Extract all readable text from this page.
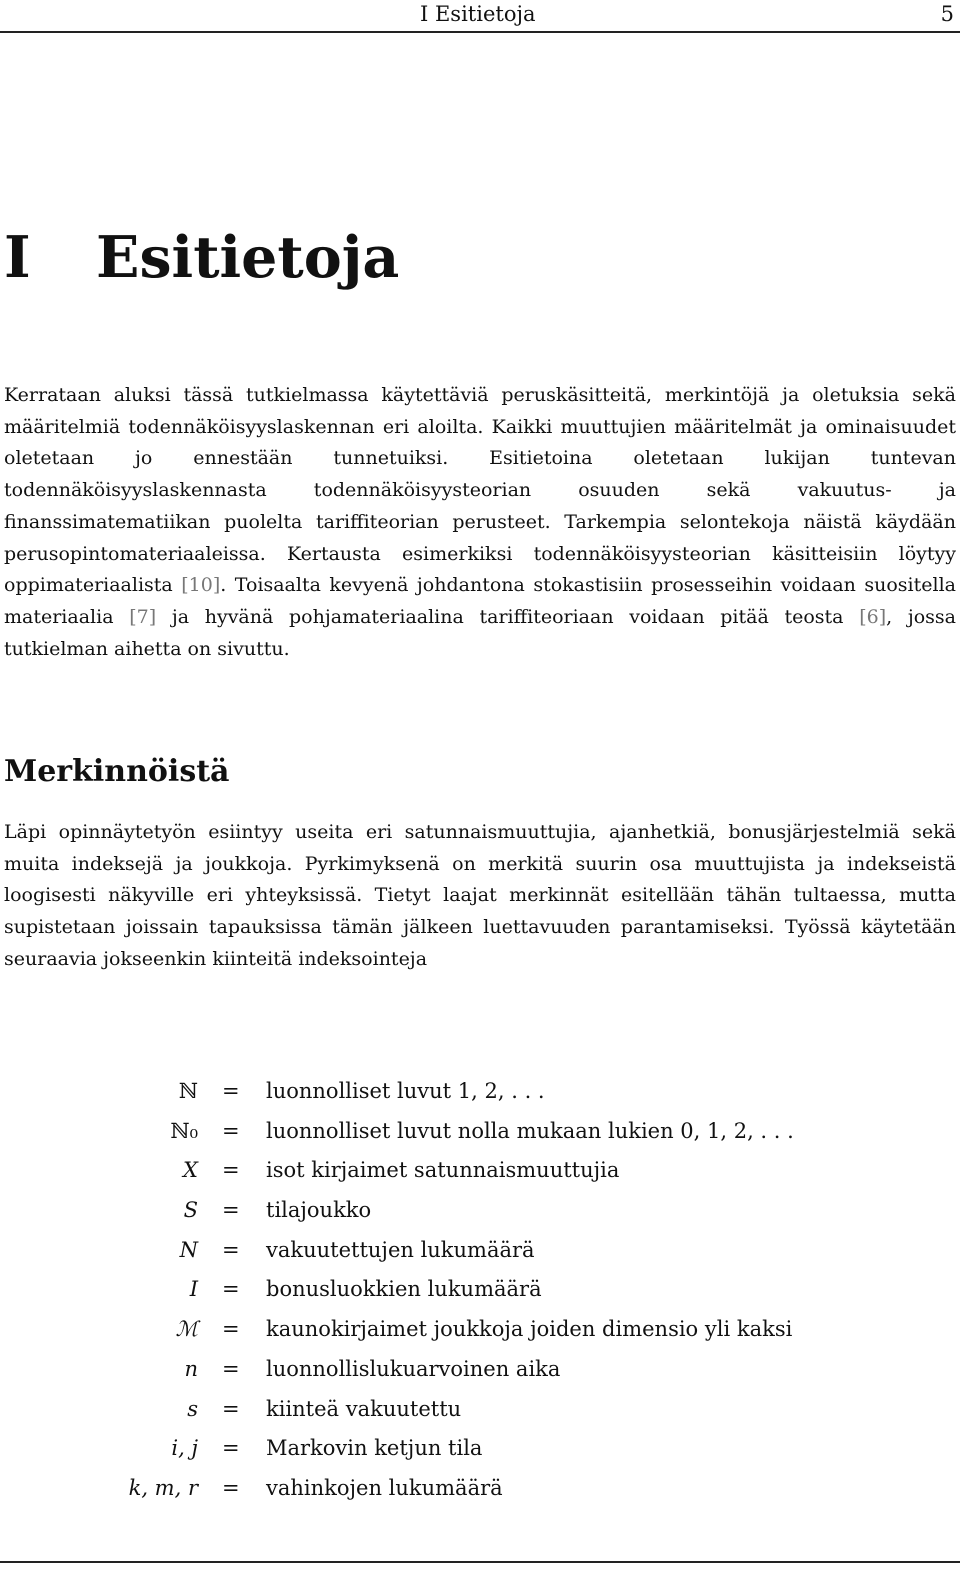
I Esitietoja	5
I Esitietoja

Kerrataan aluksi tässä tutkielmassa käytettäviä peruskäsitteitä, merkintöjä ja oletuksia sekä määritelmiä todennäköisyyslaskennan eri aloilta. Kaikki muuttujien määritelmät ja ominaisuudet oletetaan jo ennestään tunnetuiksi. Esitietoina oletetaan lukijan tuntevan todennäköisyyslaskennasta todennäköisyysteorian osuuden sekä vakuutus- ja finanssimatematiikan puolelta tariffiteorian perusteet. Tarkempia selontekoja näistä käydään perusopintomateriaaleissa. Kertausta esimerkiksi todennäköisyysteorian käsitteisiin löytyy oppimateriaalista [10]. Toisaalta kevyenä johdantona stokastisiin prosesseihin voidaan suositella materiaalia [7] ja hyvänä pohjamateriaalina tariffiteoriaan voidaan pitää teosta [6], jossa tutkielman aihetta on sivuttu.

Merkinnöistä

Läpi opinnäytetyön esiintyy useita eri satunnaismuuttujia, ajanhetkiä, bonusjärjestelmiä sekä muita indeksejä ja joukkoja. Pyrkimyksenä on merkitä suurin osa muuttujista ja indekseistä loogisesti näkyville eri yhteyksissä. Tietyt laajat merkinnät esitellään tähän tultaessa, mutta supistetaan joissain tapauksissa tämän jälkeen luettavuuden parantamiseksi. Työssä käytetään seuraavia jokseenkin kiinteitä indeksointeja

ℕ = luonnolliset luvut 1, 2, . . .
ℕ₀ = luonnolliset luvut nolla mukaan lukien 0, 1, 2, . . .
X = isot kirjaimet satunnaismuuttujia
S = tilajoukko
N = vakuutettujen lukumäärä
I = bonusluokkien lukumäärä
ℳ = kaunokirjaimet joukkoja joiden dimensio yli kaksi
n = luonnollislukuarvoinen aika
s = kiinteä vakuutettu
i, j = Markovin ketjun tila
k, m, r = vahinkojen lukumäärä
